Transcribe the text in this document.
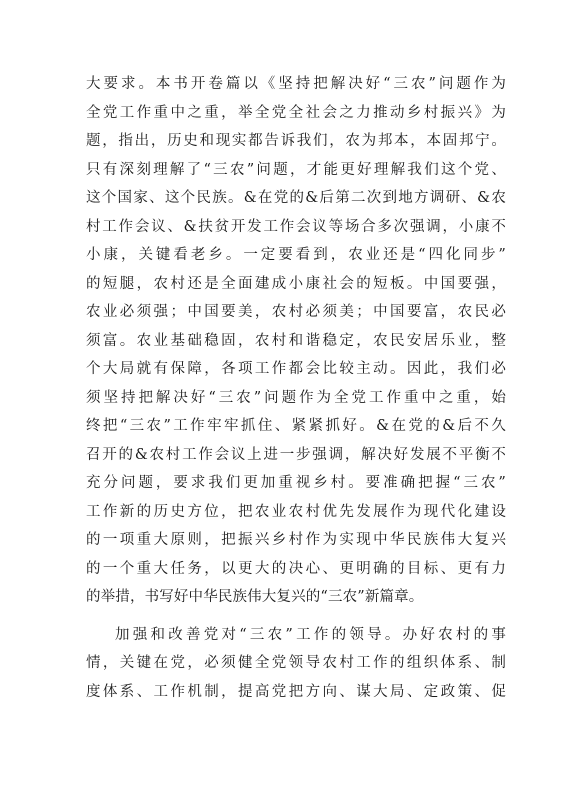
大要求。本书开卷篇以《坚持把解决好“三农”问题作为
全党工作重中之重，举全党全社会之力推动乡村振兴》为
题，指出，历史和现实都告诉我们，农为邦本，本固邦宁。
只有深刻理解了“三农”问题，才能更好理解我们这个党、
这个国家、这个民族。&在党的&后第二次到地方调研、&农
村工作会议、&扶贫开发工作会议等场合多次强调，小康不
小康，关键看老乡。一定要看到，农业还是“四化同步”
的短腿，农村还是全面建成小康社会的短板。中国要强，
农业必须强；中国要美，农村必须美；中国要富，农民必
须富。农业基础稳固，农村和谐稳定，农民安居乐业，整
个大局就有保障，各项工作都会比较主动。因此，我们必
须坚持把解决好“三农”问题作为全党工作重中之重，始
终把“三农”工作牢牢抓住、紧紧抓好。&在党的&后不久
召开的&农村工作会议上进一步强调，解决好发展不平衡不
充分问题，要求我们更加重视乡村。要准确把握“三农”
工作新的历史方位，把农业农村优先发展作为现代化建设
的一项重大原则，把振兴乡村作为实现中华民族伟大复兴
的一个重大任务，以更大的决心、更明确的目标、更有力
的举措，书写好中华民族伟大复兴的“三农”新篇章。
加强和改善党对“三农”工作的领导。办好农村的事
情，关键在党，必须健全党领导农村工作的组织体系、制
度体系、工作机制，提高党把方向、谋大局、定政策、促
